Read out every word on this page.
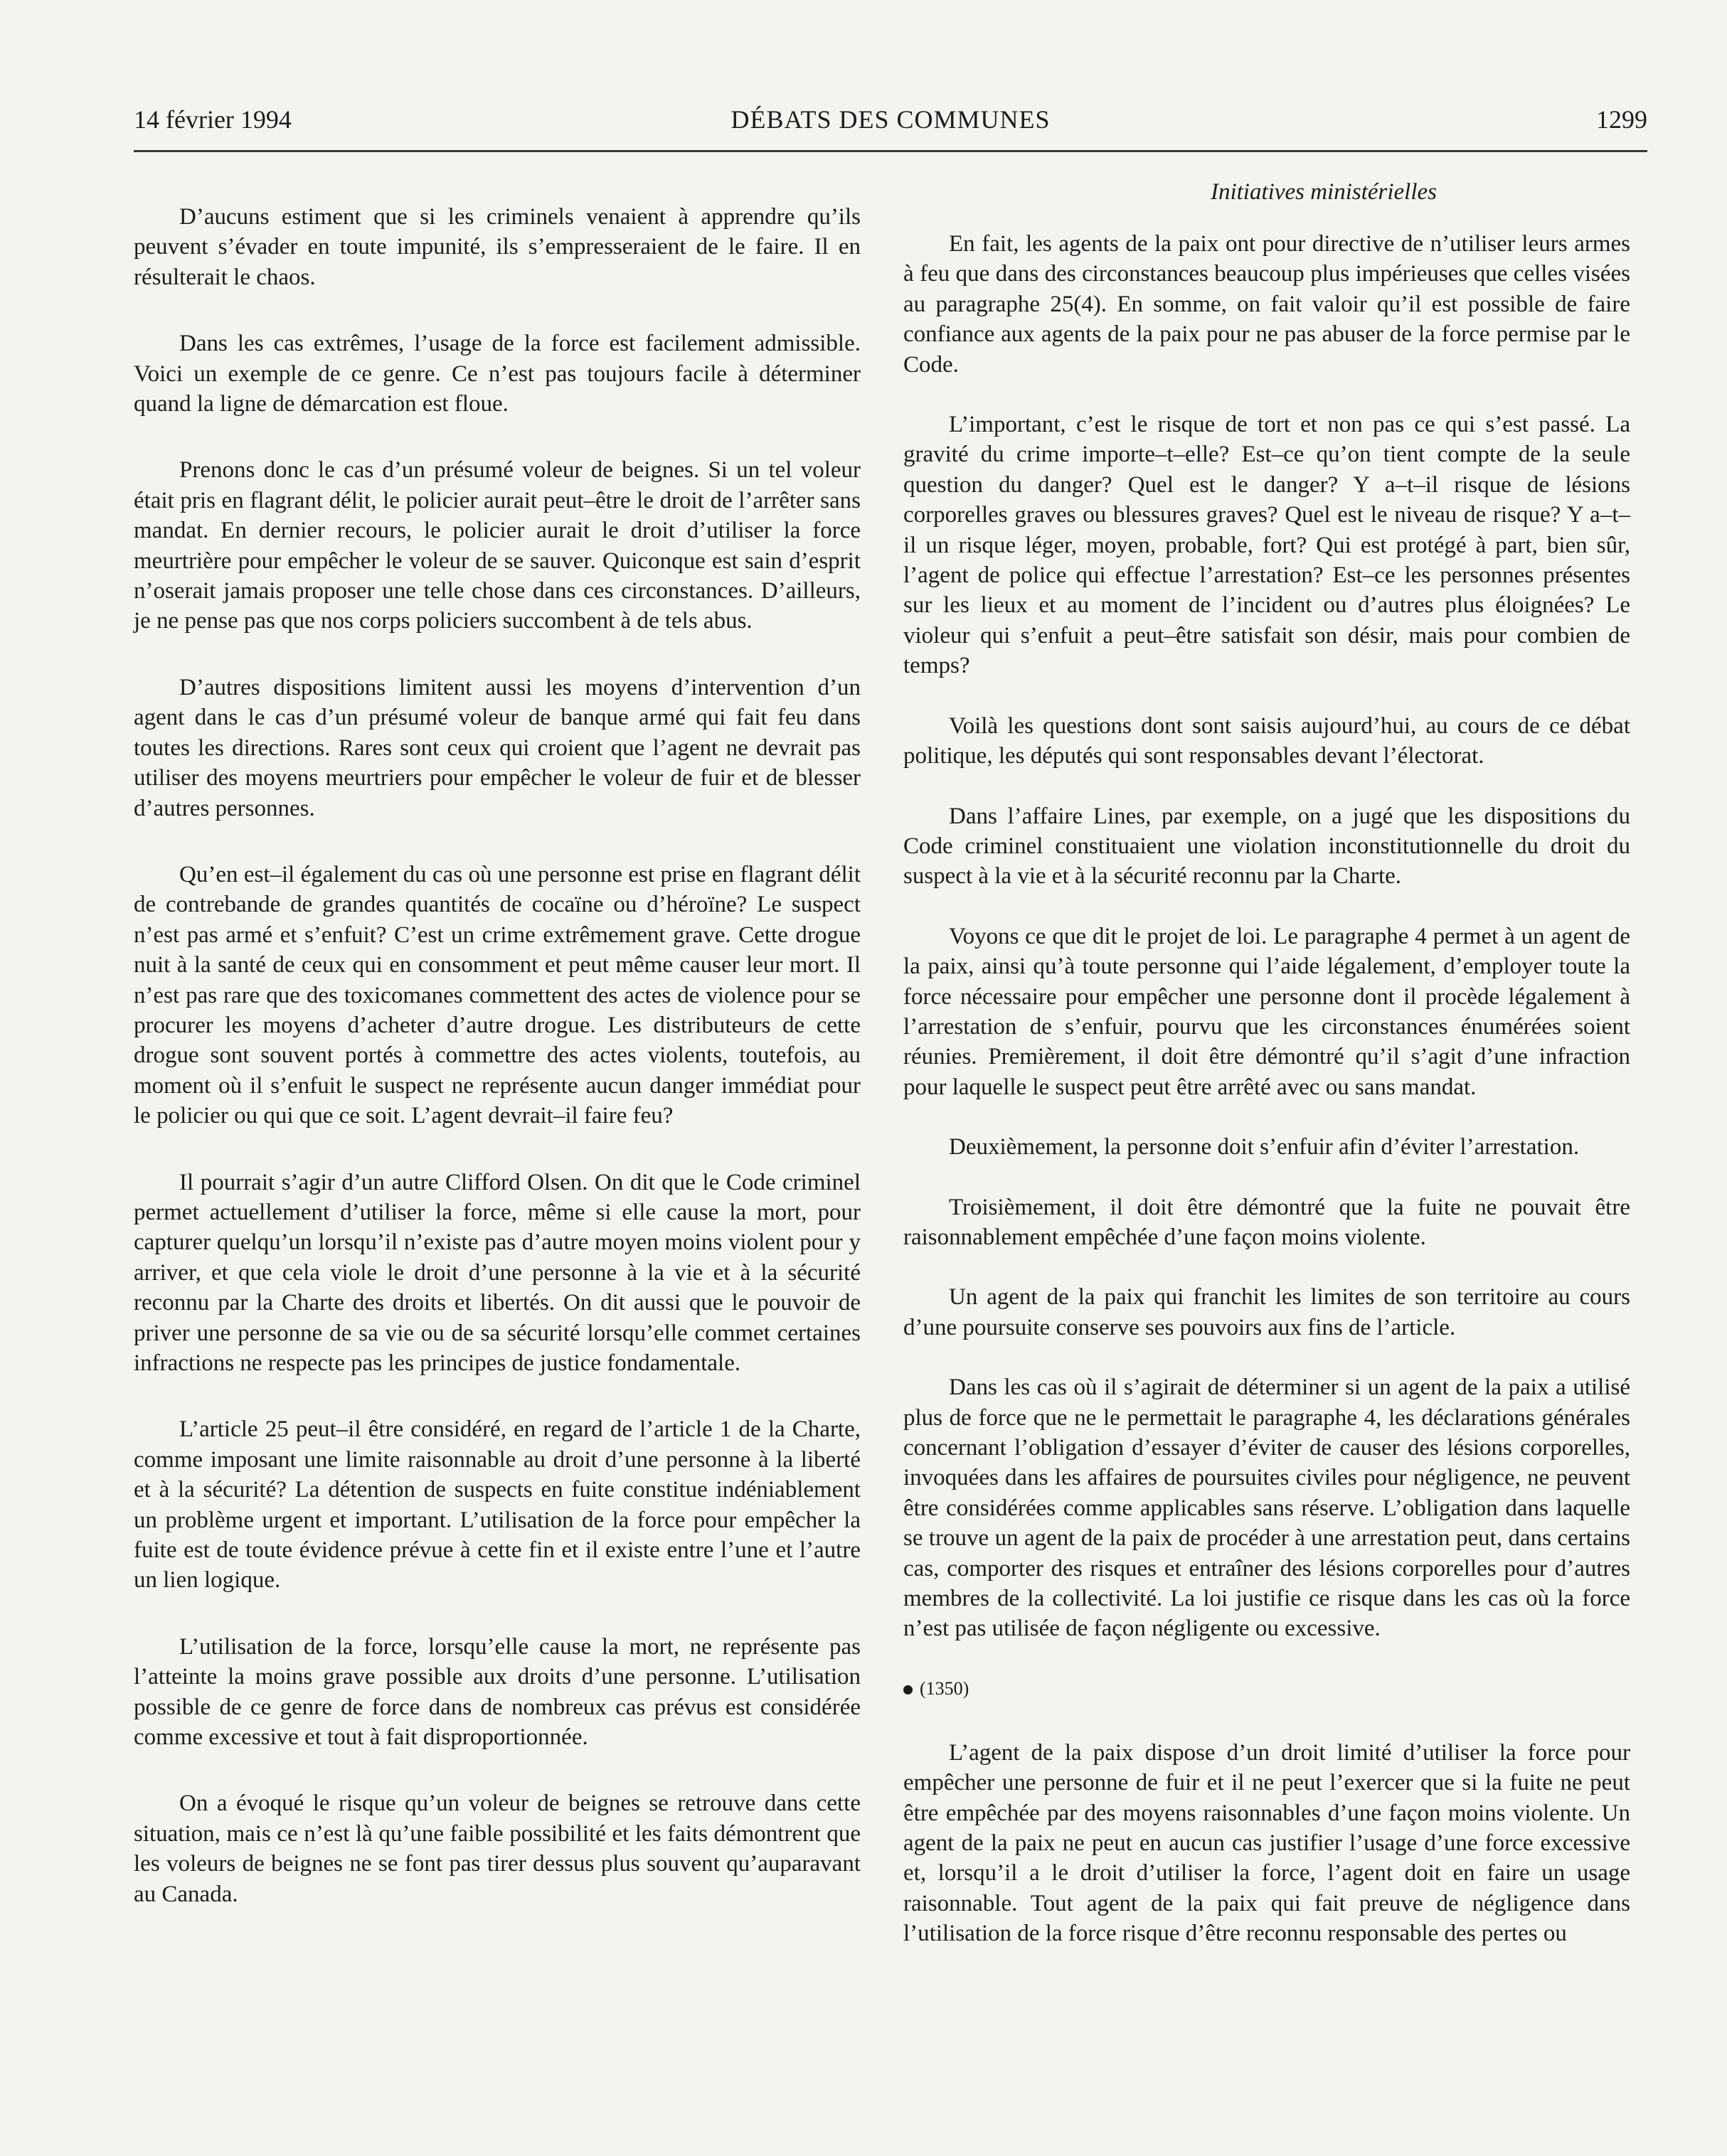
14 février 1994	DÉBATS DES COMMUNES	1299

D’aucuns estiment que si les criminels venaient à apprendre qu’ils peuvent s’évader en toute impunité, ils s’empresseraient de le faire. Il en résulterait le chaos.

Dans les cas extrêmes, l’usage de la force est facilement admissible. Voici un exemple de ce genre. Ce n’est pas toujours facile à déterminer quand la ligne de démarcation est floue.

Prenons donc le cas d’un présumé voleur de beignes. Si un tel voleur était pris en flagrant délit, le policier aurait peut–être le droit de l’arrêter sans mandat. En dernier recours, le policier aurait le droit d’utiliser la force meurtrière pour empêcher le voleur de se sauver. Quiconque est sain d’esprit n’oserait jamais proposer une telle chose dans ces circonstances. D’ailleurs, je ne pense pas que nos corps policiers succombent à de tels abus.

D’autres dispositions limitent aussi les moyens d’intervention d’un agent dans le cas d’un présumé voleur de banque armé qui fait feu dans toutes les directions. Rares sont ceux qui croient que l’agent ne devrait pas utiliser des moyens meurtriers pour empêcher le voleur de fuir et de blesser d’autres personnes.

Qu’en est–il également du cas où une personne est prise en flagrant délit de contrebande de grandes quantités de cocaïne ou d’héroïne? Le suspect n’est pas armé et s’enfuit? C’est un crime extrêmement grave. Cette drogue nuit à la santé de ceux qui en consomment et peut même causer leur mort. Il n’est pas rare que des toxicomanes commettent des actes de violence pour se procurer les moyens d’acheter d’autre drogue. Les distributeurs de cette drogue sont souvent portés à commettre des actes violents, toutefois, au moment où il s’enfuit le suspect ne représente aucun danger immédiat pour le policier ou qui que ce soit. L’agent devrait–il faire feu?

Il pourrait s’agir d’un autre Clifford Olsen. On dit que le Code criminel permet actuellement d’utiliser la force, même si elle cause la mort, pour capturer quelqu’un lorsqu’il n’existe pas d’autre moyen moins violent pour y arriver, et que cela viole le droit d’une personne à la vie et à la sécurité reconnu par la Charte des droits et libertés. On dit aussi que le pouvoir de priver une personne de sa vie ou de sa sécurité lorsqu’elle commet certaines infractions ne respecte pas les principes de justice fondamentale.

L’article 25 peut–il être considéré, en regard de l’article 1 de la Charte, comme imposant une limite raisonnable au droit d’une personne à la liberté et à la sécurité? La détention de suspects en fuite constitue indéniablement un problème urgent et important. L’utilisation de la force pour empêcher la fuite est de toute évidence prévue à cette fin et il existe entre l’une et l’autre un lien logique.

L’utilisation de la force, lorsqu’elle cause la mort, ne représente pas l’atteinte la moins grave possible aux droits d’une personne. L’utilisation possible de ce genre de force dans de nombreux cas prévus est considérée comme excessive et tout à fait disproportionnée.

On a évoqué le risque qu’un voleur de beignes se retrouve dans cette situation, mais ce n’est là qu’une faible possibilité et les faits démontrent que les voleurs de beignes ne se font pas tirer dessus plus souvent qu’auparavant au Canada.

Initiatives ministérielles

En fait, les agents de la paix ont pour directive de n’utiliser leurs armes à feu que dans des circonstances beaucoup plus impérieuses que celles visées au paragraphe 25(4). En somme, on fait valoir qu’il est possible de faire confiance aux agents de la paix pour ne pas abuser de la force permise par le Code.

L’important, c’est le risque de tort et non pas ce qui s’est passé. La gravité du crime importe–t–elle? Est–ce qu’on tient compte de la seule question du danger? Quel est le danger? Y a–t–il risque de lésions corporelles graves ou blessures graves? Quel est le niveau de risque? Y a–t–il un risque léger, moyen, probable, fort? Qui est protégé à part, bien sûr, l’agent de police qui effectue l’arrestation? Est–ce les personnes présentes sur les lieux et au moment de l’incident ou d’autres plus éloignées? Le violeur qui s’enfuit a peut–être satisfait son désir, mais pour combien de temps?

Voilà les questions dont sont saisis aujourd’hui, au cours de ce débat politique, les députés qui sont responsables devant l’électorat.

Dans l’affaire Lines, par exemple, on a jugé que les dispositions du Code criminel constituaient une violation inconstitutionnelle du droit du suspect à la vie et à la sécurité reconnu par la Charte.

Voyons ce que dit le projet de loi. Le paragraphe 4 permet à un agent de la paix, ainsi qu’à toute personne qui l’aide légalement, d’employer toute la force nécessaire pour empêcher une personne dont il procède légalement à l’arrestation de s’enfuir, pourvu que les circonstances énumérées soient réunies. Premièrement, il doit être démontré qu’il s’agit d’une infraction pour laquelle le suspect peut être arrêté avec ou sans mandat.

Deuxièmement, la personne doit s’enfuir afin d’éviter l’arrestation.

Troisièmement, il doit être démontré que la fuite ne pouvait être raisonnablement empêchée d’une façon moins violente.

Un agent de la paix qui franchit les limites de son territoire au cours d’une poursuite conserve ses pouvoirs aux fins de l’article.

Dans les cas où il s’agirait de déterminer si un agent de la paix a utilisé plus de force que ne le permettait le paragraphe 4, les déclarations générales concernant l’obligation d’essayer d’éviter de causer des lésions corporelles, invoquées dans les affaires de poursuites civiles pour négligence, ne peuvent être considérées comme applicables sans réserve. L’obligation dans laquelle se trouve un agent de la paix de procéder à une arrestation peut, dans certains cas, comporter des risques et entraîner des lésions corporelles pour d’autres membres de la collectivité. La loi justifie ce risque dans les cas où la force n’est pas utilisée de façon négligente ou excessive.

(1350)

L’agent de la paix dispose d’un droit limité d’utiliser la force pour empêcher une personne de fuir et il ne peut l’exercer que si la fuite ne peut être empêchée par des moyens raisonnables d’une façon moins violente. Un agent de la paix ne peut en aucun cas justifier l’usage d’une force excessive et, lorsqu’il a le droit d’utiliser la force, l’agent doit en faire un usage raisonnable. Tout agent de la paix qui fait preuve de négligence dans l’utilisation de la force risque d’être reconnu responsable des pertes ou
